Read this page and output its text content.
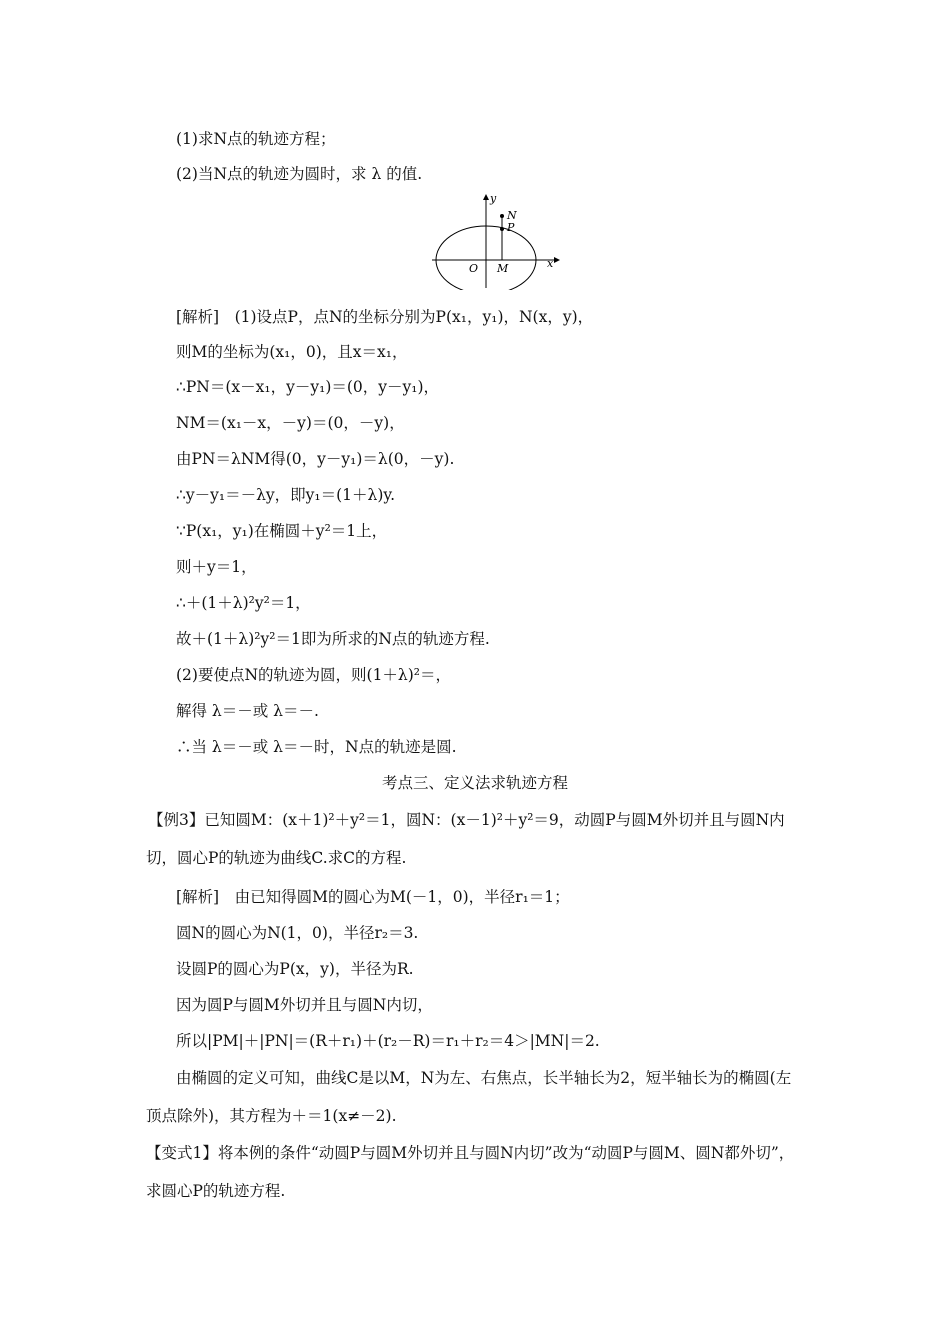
(1)求N点的轨迹方程；
(2)当N点的轨迹为圆时，求 λ 的值.
y
N
P
O M	x
[解析]　(1)设点P，点N的坐标分别为P(x₁，y₁)，N(x，y)，
则M的坐标为(x₁，0)，且x＝x₁，
∴PN＝(x－x₁，y－y₁)＝(0，y－y₁)，
NM＝(x₁－x，－y)＝(0，－y)，
由PN＝λNM得(0，y－y₁)＝λ(0，－y).
∴y－y₁＝－λy，即y₁＝(1＋λ)y.
∵P(x₁，y₁)在椭圆＋y²＝1上，
则＋y＝1，
∴＋(1＋λ)²y²＝1，
故＋(1＋λ)²y²＝1即为所求的N点的轨迹方程.
(2)要使点N的轨迹为圆，则(1＋λ)²＝，
解得 λ＝－或 λ＝－.
∴当 λ＝－或 λ＝－时，N点的轨迹是圆.
考点三、定义法求轨迹方程
【例3】已知圆M：(x＋1)²＋y²＝1，圆N：(x－1)²＋y²＝9，动圆P与圆M外切并且与圆N内切，圆心P的轨迹为曲线C.求C的方程.
[解析]　由已知得圆M的圆心为M(－1，0)，半径r₁＝1；
圆N的圆心为N(1，0)，半径r₂＝3.
设圆P的圆心为P(x，y)，半径为R.
因为圆P与圆M外切并且与圆N内切，
所以|PM|＋|PN|＝(R＋r₁)＋(r₂－R)＝r₁＋r₂＝4＞|MN|＝2.
由椭圆的定义可知，曲线C是以M，N为左、右焦点，长半轴长为2，短半轴长为的椭圆(左顶点除外)，其方程为＋＝1(x≠－2).
【变式1】将本例的条件“动圆P与圆M外切并且与圆N内切”改为“动圆P与圆M、圆N都外切”，求圆心P的轨迹方程.
